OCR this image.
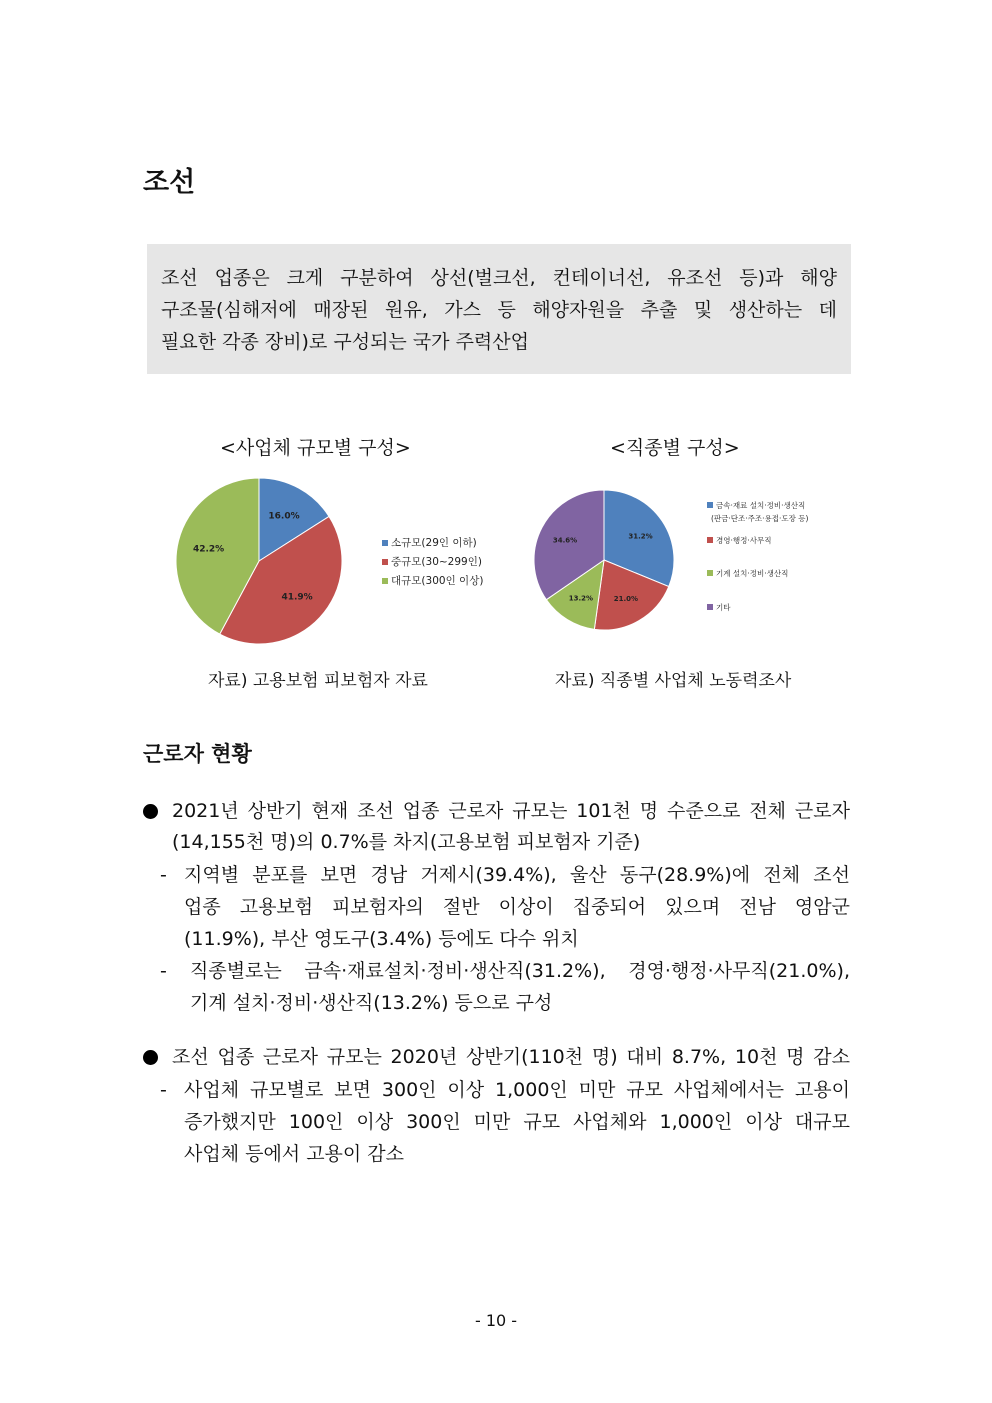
조선

조선 업종은 크게 구분하여 상선(벌크선, 컨테이너선, 유조선 등)과 해양

구조물(심해저에 매장된 원유, 가스 등 해양자원을 추출 및 생산하는 데

필요한 각종 장비)로 구성되는 국가 주력산업

<사업체 규모별 구성>
16.0%
41.9%
42.2%
소규모(29인 이하)
중규모(30~299인)
대규모(300인 이상)
자료) 고용보험 피보험자 자료
<직종별 구성>
31.2%
21.0%
13.2%
34.6%
금속·재료 설치·정비·생산직
(판금·단조·주조·용접·도장 등)
경영·행정·사무직
기계 설치·정비·생산직
기타
자료) 직종별 사업체 노동력조사
근로자 현황
2021년 상반기 현재 조선 업종 근로자 규모는 101천 명 수준으로 전체 근로자
(14,155천 명)의 0.7%를 차지(고용보험 피보험자 기준)
- 지역별 분포를 보면 경남 거제시(39.4%), 울산 동구(28.9%)에 전체 조선
업종 고용보험 피보험자의 절반 이상이 집중되어 있으며 전남 영암군
(11.9%), 부산 영도구(3.4%) 등에도 다수 위치
- 직종별로는 금속·재료설치·정비·생산직(31.2%), 경영·행정·사무직(21.0%),
기계 설치·정비·생산직(13.2%) 등으로 구성
조선 업종 근로자 규모는 2020년 상반기(110천 명) 대비 8.7%, 10천 명 감소
- 사업체 규모별로 보면 300인 이상 1,000인 미만 규모 사업체에서는 고용이
증가했지만 100인 이상 300인 미만 규모 사업체와 1,000인 이상 대규모
사업체 등에서 고용이 감소
- 10 -
